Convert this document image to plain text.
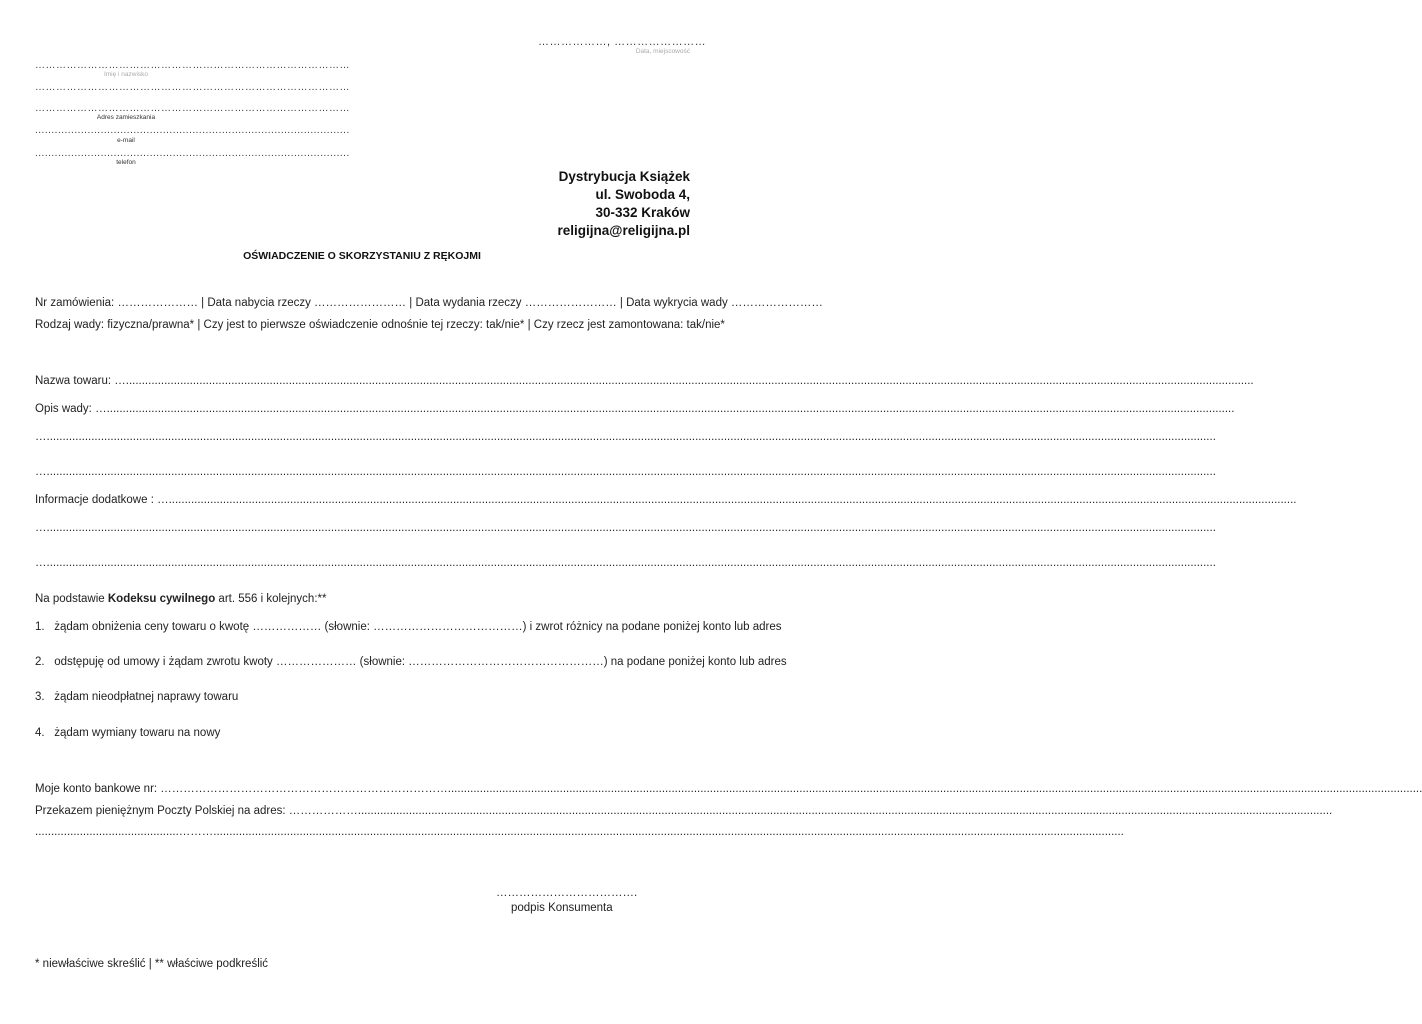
………………, ……………………
Data, miejscowość
………………………………………………………………………………
Imię i nazwisko
………………………………………………………………………………
………………………………………………………………………………
Adres zamieszkania
................................................................................................
e-mail
................................................................................................
telefon
Dystrybucja Książek
ul. Swoboda 4,
30-332 Kraków
religijna@religijna.pl
OŚWIADCZENIE O SKORZYSTANIU Z RĘKOJMI
Nr zamówienia: ………………… | Data nabycia rzeczy …………………… | Data wydania rzeczy …………………… | Data wykrycia wady ……………………
Rodzaj wady: fizyczna/prawna* | Czy jest to pierwsze oświadczenie odnośnie tej rzeczy: tak/nie* | Czy rzecz jest zamontowana: tak/nie*
Nazwa towaru: ….................................................................................................................................................................................................................................................................................................................................................................
Opis wady: ….................................................................................................................................................................................................................................................................................................................................................................
…..............................................................................................................................................................................................................................................................................................................................................................................
…..............................................................................................................................................................................................................................................................................................................................................................................
Informacje dodatkowe : ….................................................................................................................................................................................................................................................................................................................................................................
…..............................................................................................................................................................................................................................................................................................................................................................................
…..............................................................................................................................................................................................................................................................................................................................................................................
Na podstawie Kodeksu cywilnego art. 556 i kolejnych:**
1. żądam obniżenia ceny towaru o kwotę ……………… (słownie: …………………………………) i zwrot różnicy na podane poniżej konto lub adres
2. odstępuję od umowy i żądam zwrotu kwoty ………………… (słownie: ……………………………………………) na podane poniżej konto lub adres
3. żądam nieodpłatnej naprawy towaru
4. żądam wymiany towaru na nowy
Moje konto bankowe nr: ………………………………………………………………….................................................................................................................................................................................................................................................................................................................
Przekazem pieniężnym Poczty Polskiej na adres: ……………….................................................................................................................................................................................................................................................................................................................
.............................................……….............................................................................................................................................................................................................................................................................................
……………………………….
podpis Konsumenta
* niewłaściwe skreślić | ** właściwe podkreślić
